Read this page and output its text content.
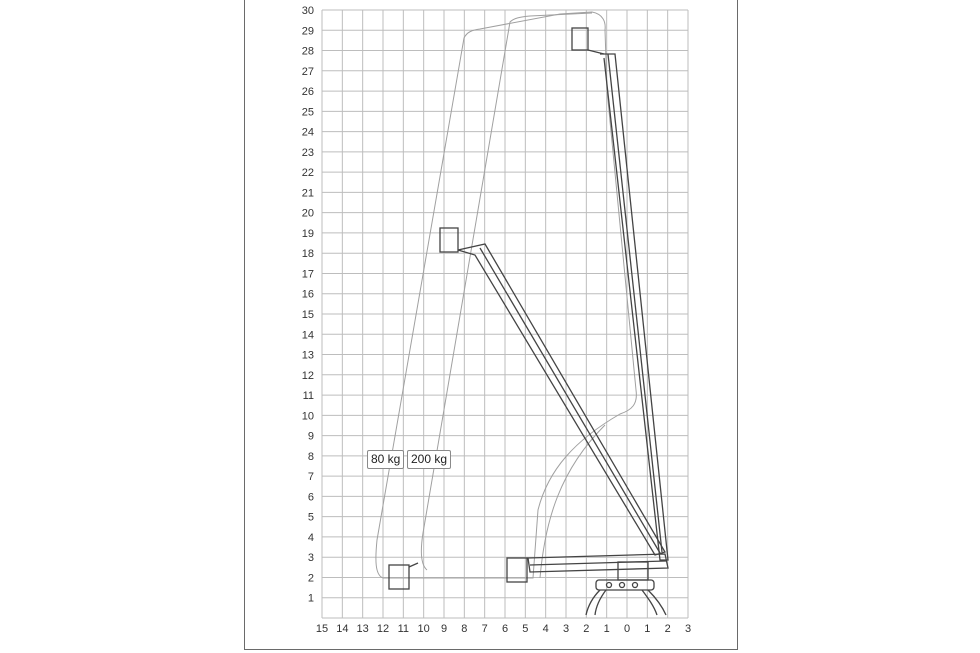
15 14 13 12 11 10 9 8 7 6 5 4 3 2 1 0 1 2 3
1
2
3
4
5
6
7
8
9
10
11
12
13
14
15
16
17
18
19
20
21
22
23
24
25
26
27
28
29
30
80 kg 200 kg
